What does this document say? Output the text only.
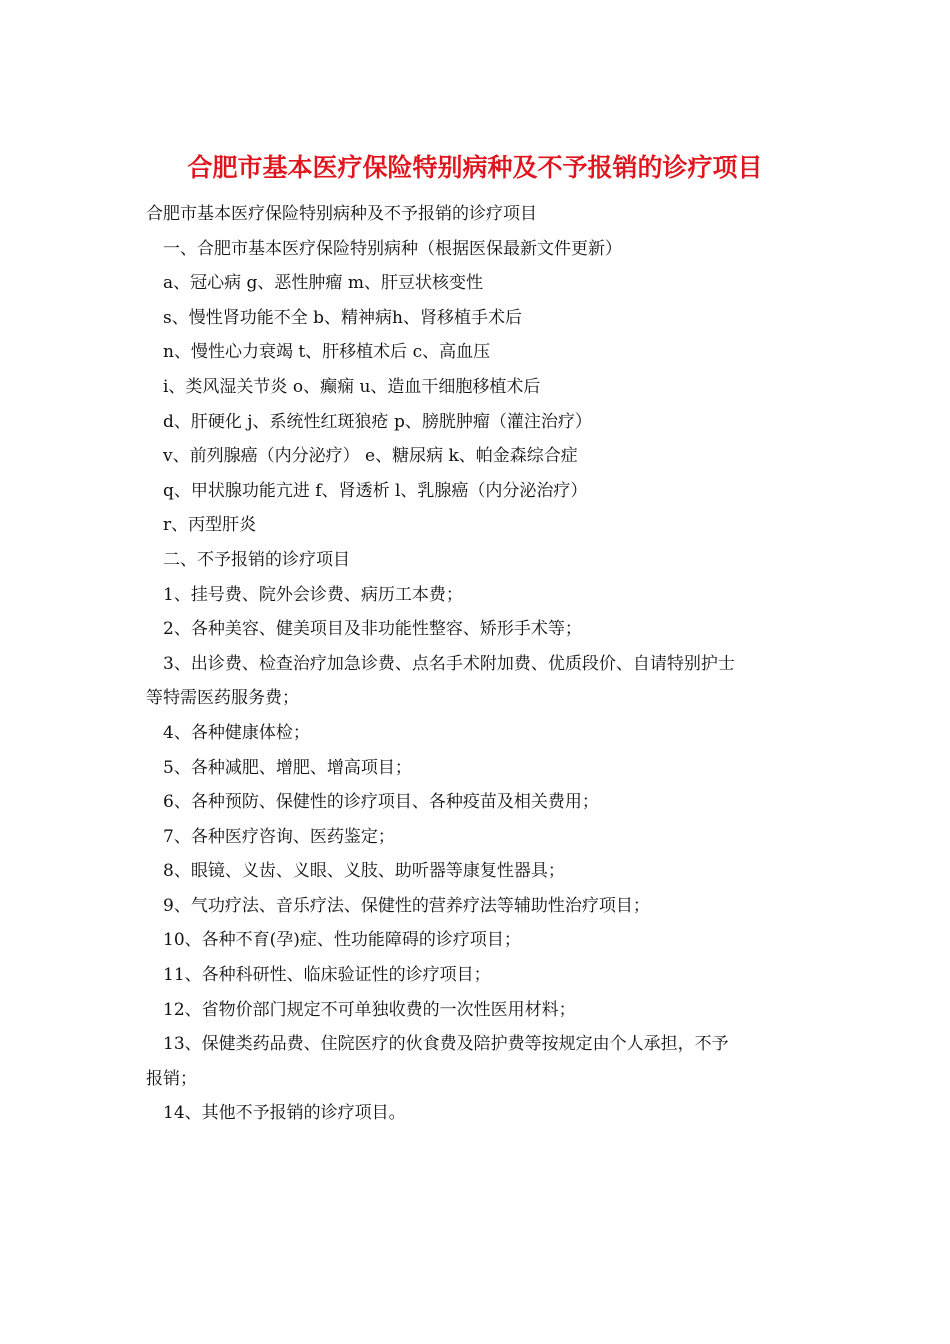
合肥市基本医疗保险特别病种及不予报销的诊疗项目

合肥市基本医疗保险特别病种及不予报销的诊疗项目

一、合肥市基本医疗保险特别病种（根据医保最新文件更新）

a、冠心病 g、恶性肿瘤 m、肝豆状核变性

s、慢性肾功能不全 b、精神病h、肾移植手术后

n、慢性心力衰竭 t、肝移植术后 c、高血压

i、类风湿关节炎 o、癫痫 u、造血干细胞移植术后

d、肝硬化 j、系统性红斑狼疮 p、膀胱肿瘤（灌注治疗）

v、前列腺癌（内分泌疗） e、糖尿病 k、帕金森综合症

q、甲状腺功能亢进 f、肾透析 l、乳腺癌（内分泌治疗）

r、丙型肝炎

二、不予报销的诊疗项目

1、挂号费、院外会诊费、病历工本费；

2、各种美容、健美项目及非功能性整容、矫形手术等；

3、出诊费、检查治疗加急诊费、点名手术附加费、优质段价、自请特别护士

等特需医药服务费；

4、各种健康体检；

5、各种减肥、增肥、增高项目；

6、各种预防、保健性的诊疗项目、各种疫苗及相关费用；

7、各种医疗咨询、医药鉴定；

8、眼镜、义齿、义眼、义肢、助听器等康复性器具；

9、气功疗法、音乐疗法、保健性的营养疗法等辅助性治疗项目；

10、各种不育(孕)症、性功能障碍的诊疗项目；

11、各种科研性、临床验证性的诊疗项目；

12、省物价部门规定不可单独收费的一次性医用材料；

13、保健类药品费、住院医疗的伙食费及陪护费等按规定由个人承担，不予

报销；

14、其他不予报销的诊疗项目。
